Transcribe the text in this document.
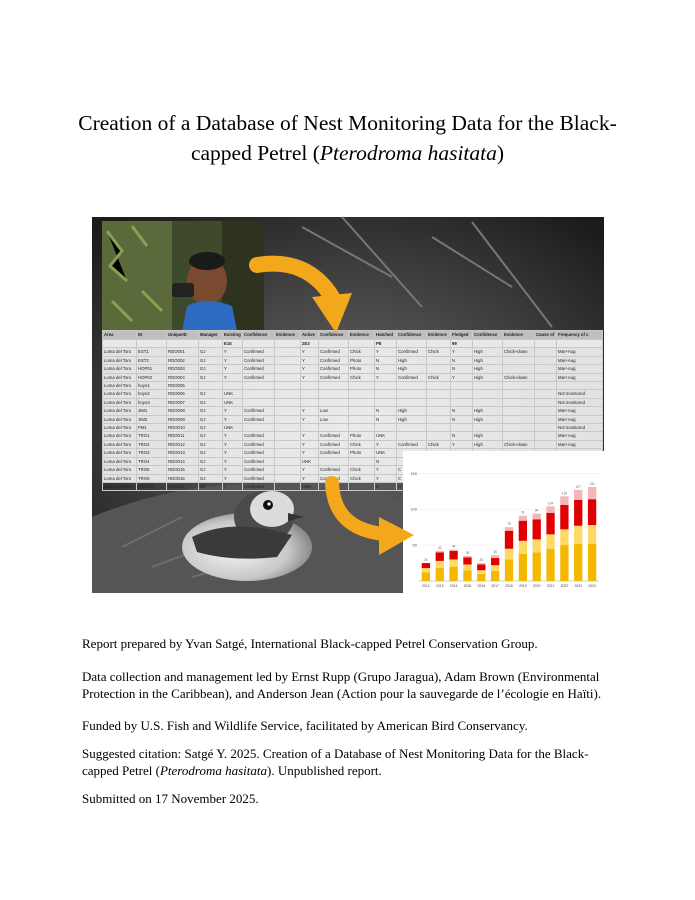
Creation of a Database of Nest Monitoring Data for the Black-
capped Petrel (Pterodroma hasitata)
Area	ID	UniqueID	Manager	Existing	Confidence	Evidence	Active	Confidence	Evidence	Hatched	Confidence	Evidence	Fledged	Confidence	Evidence	Cause of	Frequency of c
				E15			2E3			P8			99				
Loma del Toro	EST1	RDO001	GJ	Y	Confirmed		Y	Confirmed	Chick	Y	Confirmed	Chick	Y	High	Chick+down		Mar+Aug
Loma del Toro	EST2	RDO002	GJ	Y	Confirmed		Y	Confirmed	Photo	N	High		N	High			Mar+Aug
Loma del Toro	HOP01	RDO003	GJ	Y	Confirmed		Y	Confirmed	Photo	N	High		N	High			Mar+Aug
Loma del Toro	HOP02	RDO004	GJ	Y	Confirmed		Y	Confirmed	Chick	Y	Confirmed	Chick	Y	High	Chick+down		Mar+Aug
Loma del Toro	hoyo1	RDO005															
Loma del Toro	hoyo2	RDO006	GJ	UNK													Not monitored
Loma del Toro	hoyo3	RDO007	GJ	UNK													Not monitored
Loma del Toro	JIM1	RDO008	GJ	Y	Confirmed		Y	Low		N	High		N	High			Mar+Aug
Loma del Toro	JIM2	RDO009	GJ	Y	Confirmed		Y	Low		N	High		N	High			Mar+Aug
Loma del Toro	PM1	RDO010	GJ	UNK													Not monitored
Loma del Toro	TRO1	RDO011	GJ	Y	Confirmed		Y	Confirmed	Photo	UNK			N	High			Mar+Aug
Loma del Toro	TRO2	RDO012	GJ	Y	Confirmed		Y	Confirmed	Chick	Y	Confirmed	Chick	Y	High	Chick+down		Mar+Aug
Loma del Toro	TRO3	RDO013	GJ	Y	Confirmed		Y	Confirmed	Photo	UNK							
Loma del Toro	TRO4	RDO014	GJ	Y	Confirmed		UNK			N							
Loma del Toro	TRO5	RDO015	GJ	Y	Confirmed		Y	Confirmed	Chick	Y	C						
Loma del Toro	TRO6	RDO016	GJ	Y	Confirmed		Y	Confirmed	Chick	Y	C						
Loma del Toro	TRO7/8	RDO017	GJ	Y	Confirmed		UNK			N	C						
50
100
150
25
2012
42
2013
44
2014
35
2015
25
2016
36
2017
75
2018
91
2019
94
2020
104
2021
118
2022
127
2023
131
2024

Report prepared by Yvan Satgé, International Black-capped Petrel Conservation Group.

Data collection and management led by Ernst Rupp (Grupo Jaragua), Adam Brown (Environmental Protection in the Caribbean), and Anderson Jean (Action pour la sauvegarde de l’écologie en Haïti).

Funded by U.S. Fish and Wildlife Service, facilitated by American Bird Conservancy.

Suggested citation: Satgé Y. 2025. Creation of a Database of Nest Monitoring Data for the Black-capped Petrel (Pterodroma hasitata). Unpublished report.

Submitted on 17 November 2025.
